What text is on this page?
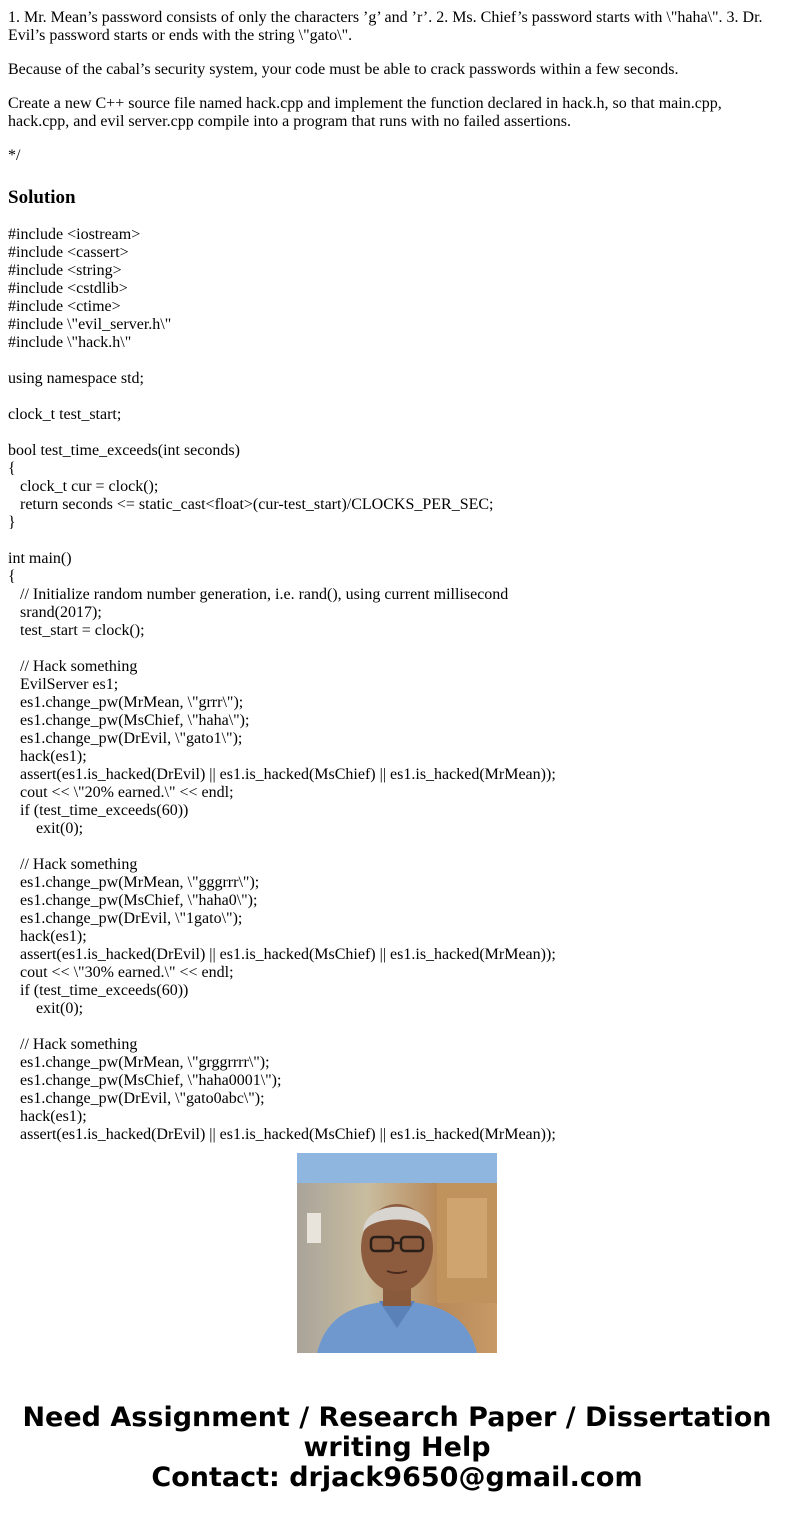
1. Mr. Mean’s password consists of only the characters ’g’ and ’r’. 2. Ms. Chief’s password starts with \"haha\". 3. Dr. Evil’s password starts or ends with the string \"gato\".

Because of the cabal’s security system, your code must be able to crack passwords within a few seconds.

Create a new C++ source file named hack.cpp and implement the function declared in hack.h, so that main.cpp, hack.cpp, and evil server.cpp compile into a program that runs with no failed assertions.

*/

Solution
#include <iostream>
#include <cassert>
#include <string>
#include <cstdlib>
#include <ctime>
#include \"evil_server.h\"
#include \"hack.h\"
using namespace std;
clock_t test_start;
bool test_time_exceeds(int seconds)
{
clock_t cur = clock();
return seconds <= static_cast<float>(cur-test_start)/CLOCKS_PER_SEC;
}
int main()
{
// Initialize random number generation, i.e. rand(), using current millisecond
srand(2017);
test_start = clock();
// Hack something
EvilServer es1;
es1.change_pw(MrMean, \"grrr\");
es1.change_pw(MsChief, \"haha\");
es1.change_pw(DrEvil, \"gato1\");
hack(es1);
assert(es1.is_hacked(DrEvil) || es1.is_hacked(MsChief) || es1.is_hacked(MrMean));
cout << \"20% earned.\" << endl;
if (test_time_exceeds(60))
exit(0);
// Hack something
es1.change_pw(MrMean, \"gggrrr\");
es1.change_pw(MsChief, \"haha0\");
es1.change_pw(DrEvil, \"1gato\");
hack(es1);
assert(es1.is_hacked(DrEvil) || es1.is_hacked(MsChief) || es1.is_hacked(MrMean));
cout << \"30% earned.\" << endl;
if (test_time_exceeds(60))
exit(0);
// Hack something
es1.change_pw(MrMean, \"grggrrrr\");
es1.change_pw(MsChief, \"haha0001\");
es1.change_pw(DrEvil, \"gato0abc\");
hack(es1);
assert(es1.is_hacked(DrEvil) || es1.is_hacked(MsChief) || es1.is_hacked(MrMean));
Need Assignment / Research Paper / Dissertation
writing Help
Contact: drjack9650@gmail.com
